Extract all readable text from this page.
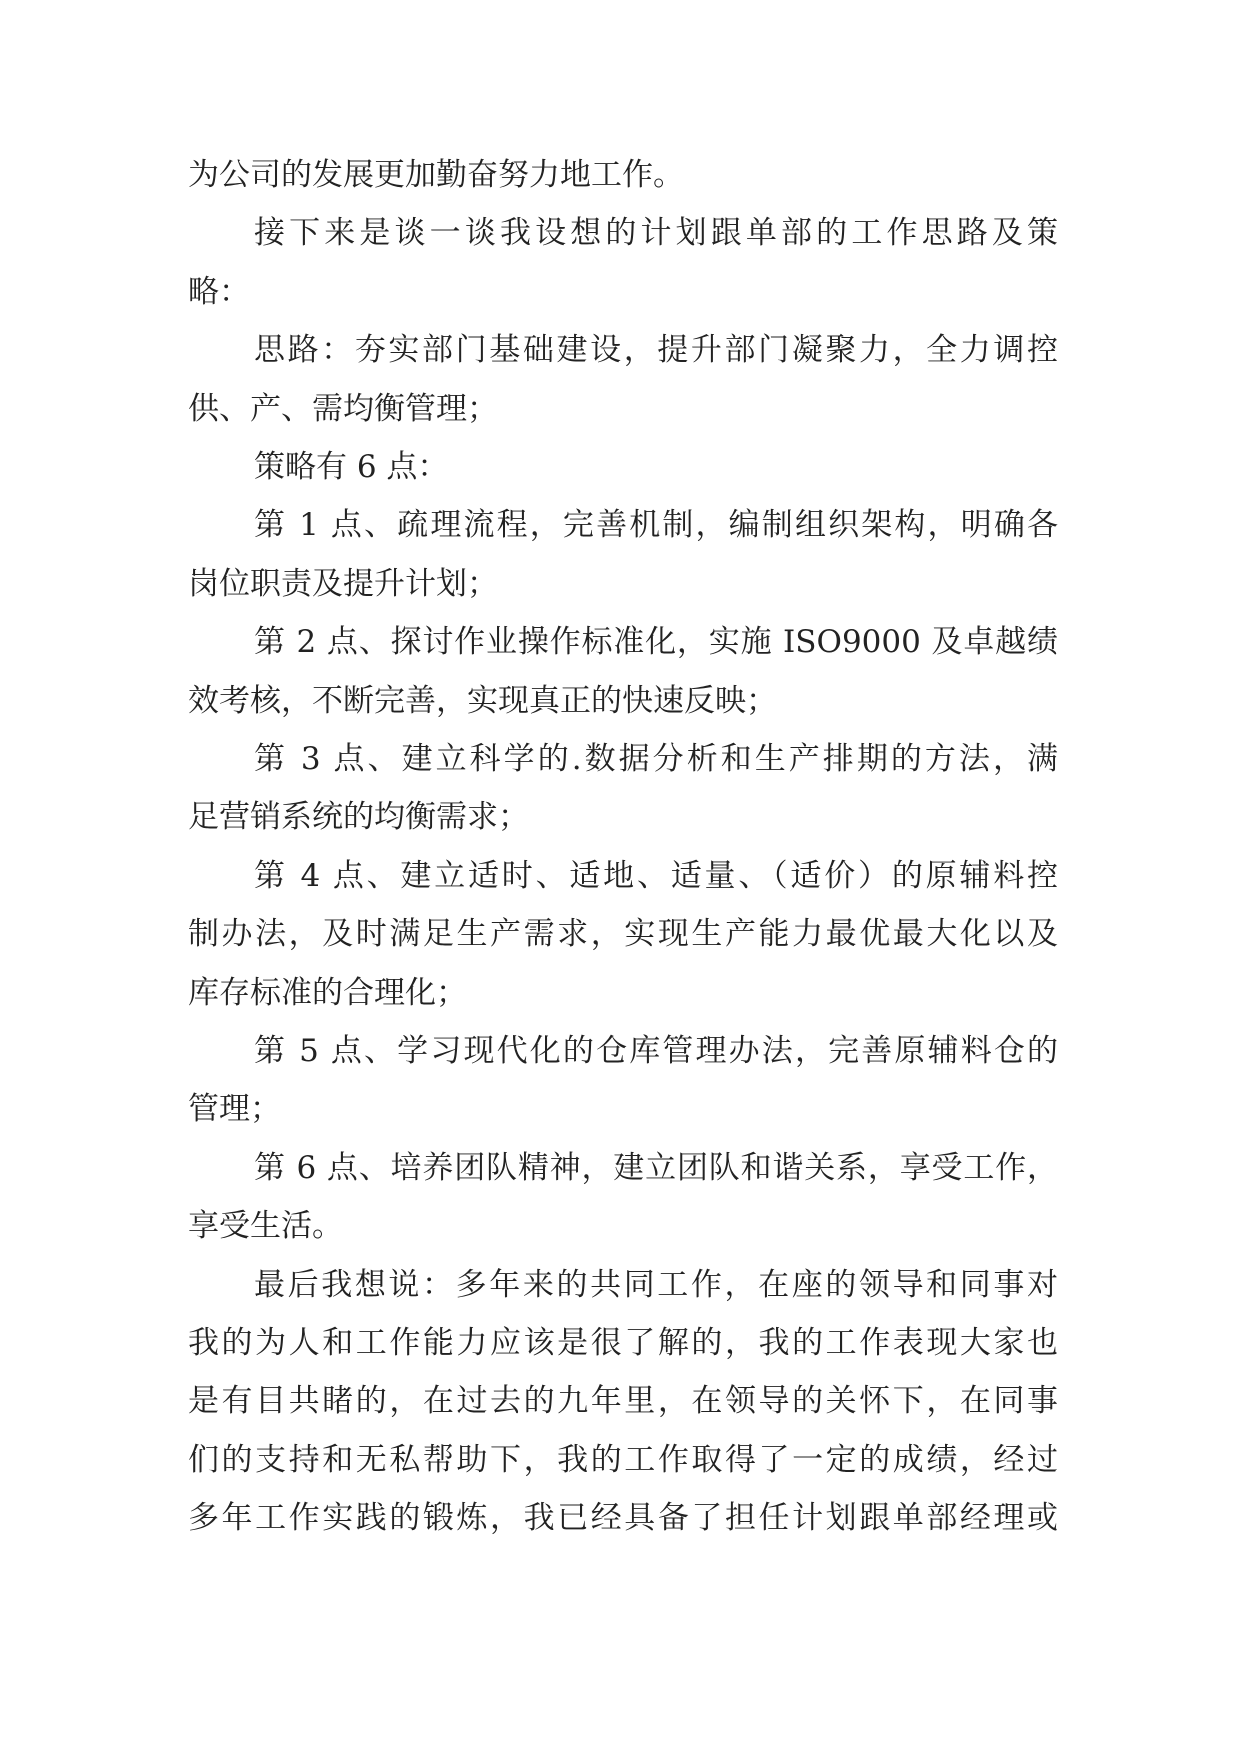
为公司的发展更加勤奋努力地工作。
接下来是谈一谈我设想的计划跟单部的工作思路及策
略：
思路：夯实部门基础建设，提升部门凝聚力，全力调控
供、产、需均衡管理；
策略有 6 点：
第 1 点、疏理流程，完善机制，编制组织架构，明确各
岗位职责及提升计划；
第 2 点、探讨作业操作标准化，实施 ISO9000 及卓越绩
效考核，不断完善，实现真正的快速反映；
第 3 点、建立科学的.数据分析和生产排期的方法，满
足营销系统的均衡需求；
第 4 点、建立适时、适地、适量、（适价）的原辅料控
制办法，及时满足生产需求，实现生产能力最优最大化以及
库存标准的合理化；
第 5 点、学习现代化的仓库管理办法，完善原辅料仓的
管理；
第 6 点、培养团队精神，建立团队和谐关系，享受工作，
享受生活。
最后我想说：多年来的共同工作，在座的领导和同事对
我的为人和工作能力应该是很了解的，我的工作表现大家也
是有目共睹的，在过去的九年里，在领导的关怀下，在同事
们的支持和无私帮助下，我的工作取得了一定的成绩，经过
多年工作实践的锻炼，我已经具备了担任计划跟单部经理或
